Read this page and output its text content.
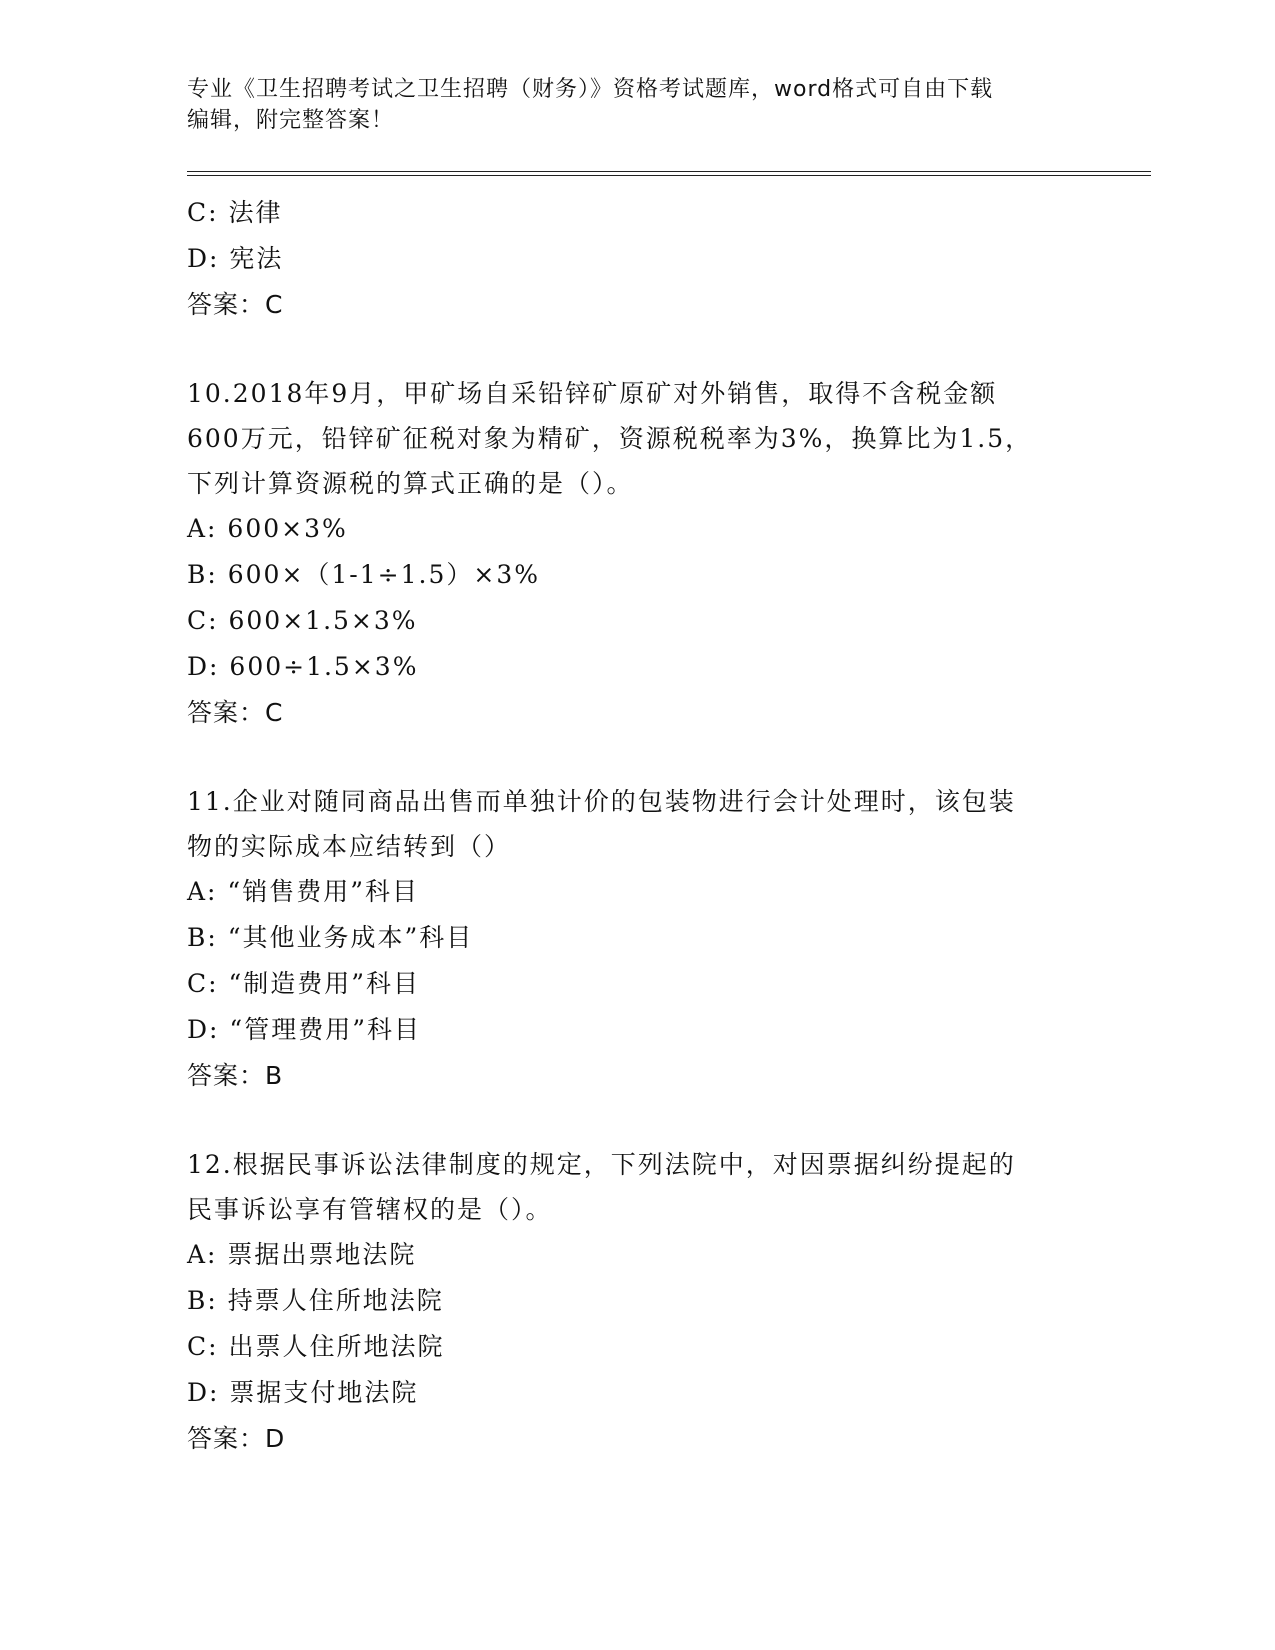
专业《卫生招聘考试之卫生招聘（财务）》资格考试题库，word格式可自由下载
编辑，附完整答案！
C: 法律
D: 宪法
答案：C
10.2018年9月，甲矿场自采铅锌矿原矿对外销售，取得不含税金额
600万元，铅锌矿征税对象为精矿，资源税税率为3%，换算比为1.5，
下列计算资源税的算式正确的是（）。
A: 600×3%
B: 600×（1-1÷1.5）×3%
C: 600×1.5×3%
D: 600÷1.5×3%
答案：C
11.企业对随同商品出售而单独计价的包装物进行会计处理时，该包装
物的实际成本应结转到（）
A: “销售费用”科目
B: “其他业务成本”科目
C: “制造费用”科目
D: “管理费用”科目
答案：B
12.根据民事诉讼法律制度的规定，下列法院中，对因票据纠纷提起的
民事诉讼享有管辖权的是（）。
A: 票据出票地法院
B: 持票人住所地法院
C: 出票人住所地法院
D: 票据支付地法院
答案：D
